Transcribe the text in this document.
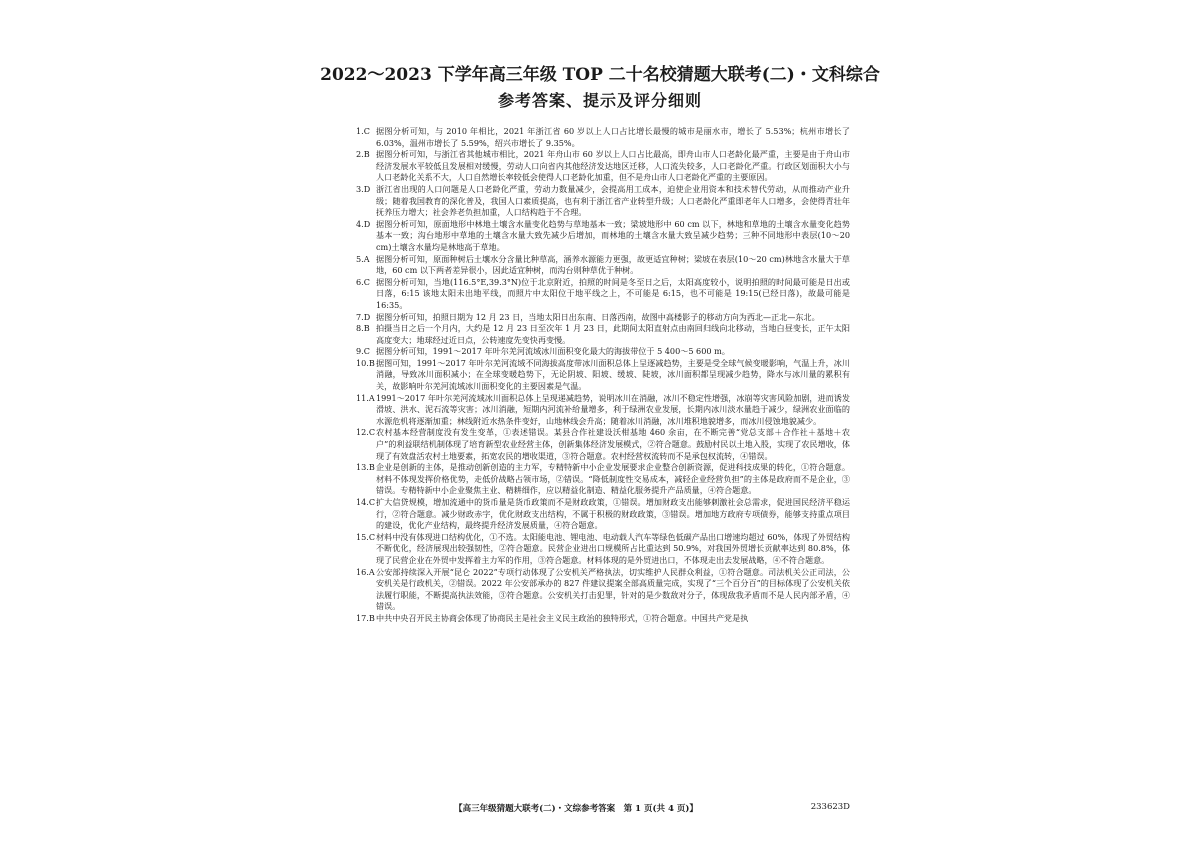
2022～2023 下学年高三年级 TOP 二十名校猜题大联考(二)・文科综合
参考答案、提示及评分细则
1.C 据图分析可知，与 2010 年相比，2021 年浙江省 60 岁以上人口占比增长最慢的城市是丽水市，增长了 5.53%；杭州市增长了 6.03%，温州市增长了 5.59%，绍兴市增长了 9.35%。
2.B 据图分析可知，与浙江省其他城市相比，2021 年舟山市 60 岁以上人口占比最高，即舟山市人口老龄化最严重，主要是由于舟山市经济发展水平较低且发展相对缓慢，劳动人口向省内其他经济发达地区迁移，人口流失较多，人口老龄化严重。行政区划面积大小与人口老龄化关系不大，人口自然增长率较低会使得人口老龄化加重，但不是舟山市人口老龄化严重的主要原因。
3.D 浙江省出现的人口问题是人口老龄化严重，劳动力数量减少，会提高用工成本，迫使企业用资本和技术替代劳动，从而推动产业升级；随着我国教育的深化普及，我国人口素质提高，也有利于浙江省产业转型升级；人口老龄化严重即老年人口增多，会使得青壮年抚养压力增大；社会养老负担加重，人口结构趋于不合理。
4.D 据图分析可知，原面地形中林地土壤含水量变化趋势与草地基本一致；梁坡地形中 60 cm 以下，林地和草地的土壤含水量变化趋势基本一致；沟台地形中草地的土壤含水量大致先减少后增加，而林地的土壤含水量大致呈减少趋势；三种不同地形中表层(10～20 cm)土壤含水量均是林地高于草地。
5.A 据图分析可知，原面种树后土壤水分含量比种草高，涵养水源能力更强，故更适宜种树；梁坡在表层(10～20 cm)林地含水量大于草地，60 cm 以下两者差异很小，因此适宜种树，而沟台则种草优于种树。
6.C 据图分析可知，当地(116.5°E,39.3°N)位于北京附近，拍照的时间是冬至日之后，太阳高度较小，说明拍照的时间最可能是日出或日落，6:15 该地太阳未出地平线，而照片中太阳位于地平线之上，不可能是 6:15，也不可能是 19:15(已经日落)，故最可能是 16:35。
7.D 据图分析可知，拍照日期为 12 月 23 日，当地太阳日出东南、日落西南，故图中高楼影子的移动方向为西北—正北—东北。
8.B 拍摄当日之后一个月内，大约是 12 月 23 日至次年 1 月 23 日，此期间太阳直射点由南回归线向北移动，当地白昼变长，正午太阳高度变大；地球经过近日点，公转速度先变快再变慢。
9.C 据图分析可知，1991～2017 年叶尔羌河流域冰川面积变化最大的海拔带位于 5 400～5 600 m。
10.B 据图可知，1991～2017 年叶尔羌河流域不同海拔高度带冰川面积总体上呈逐减趋势，主要是受全球气候变暖影响，气温上升，冰川消融，导致冰川面积减小；在全球变暖趋势下，无论阴坡、阳坡、缓坡、陡坡，冰川面积都呈现减少趋势，降水与冰川量的累积有关，故影响叶尔羌河流域冰川面积变化的主要因素是气温。
11.A 1991～2017 年叶尔羌河流域冰川面积总体上呈现递减趋势，说明冰川在消融，冰川不稳定性增强，冰崩等灾害风险加剧，进而诱发滑坡、洪水、泥石流等灾害；冰川消融，短期内河流补给量增多，利于绿洲农业发展，长期内冰川淡水量趋于减少，绿洲农业面临的水源危机将逐渐加重；林线附近水热条件变好，山地林线会升高；随着冰川消融，冰川堆积地貌增多，而冰川侵蚀地貌减少。
12.C 农村基本经营制度没有发生变革，①表述错误。某县合作社建设沃柑基地 460 余亩，在不断完善“党总支部＋合作社＋基地＋农户”的利益联结机制体现了培育新型农业经营主体，创新集体经济发展模式，②符合题意。鼓励村民以土地入股，实现了农民增收，体现了有效盘活农村土地要素，拓宽农民的增收渠道，③符合题意。农村经营权流转而不是承包权流转，④错误。
13.B 企业是创新的主体，是推动创新创造的主力军，专精特新中小企业发展要求企业整合创新资源，促进科技成果的转化，①符合题意。材料不体现发挥价格优势，走低价战略占领市场，②错误。“降低制度性交易成本，减轻企业经营负担”的主体是政府而不是企业，③错误。专精特新中小企业聚焦主业、精耕细作，应以精益化制造、精益化服务提升产品质量，④符合题意。
14.C 扩大信贷规模，增加流通中的货币量是货币政策而不是财政政策，①错误。增加财政支出能够刺激社会总需求，促进国民经济平稳运行，②符合题意。减少财政赤字，优化财政支出结构，不属于积极的财政政策，③错误。增加地方政府专项债券，能够支持重点项目的建设，优化产业结构，最终提升经济发展质量，④符合题意。
15.C 材料中没有体现进口结构优化，①不选。太阳能电池、锂电池、电动载人汽车等绿色低碳产品出口增速均超过 60%，体现了外贸结构不断优化，经济展现出较强韧性，②符合题意。民营企业进出口规模所占比重达到 50.9%，对我国外贸增长贡献率达到 80.8%，体现了民营企业在外贸中发挥着主力军的作用，③符合题意。材料体现的是外贸进出口，不体现走出去发展战略，④不符合题意。
16.A 公安部持续深入开展“昆仑 2022”专项行动体现了公安机关严格执法，切实维护人民群众利益，①符合题意。司法机关公正司法，公安机关是行政机关，②错误。2022 年公安部承办的 827 件建议提案全部高质量完成，实现了“三个百分百”的目标体现了公安机关依法履行职能，不断提高执法效能，③符合题意。公安机关打击犯罪，针对的是少数敌对分子，体现敌我矛盾而不是人民内部矛盾，④错误。
17.B 中共中央召开民主协商会体现了协商民主是社会主义民主政治的独特形式，①符合题意。中国共产党是执
【高三年级猜题大联考(二)・文综参考答案　第 1 页(共 4 页)】	233623D
